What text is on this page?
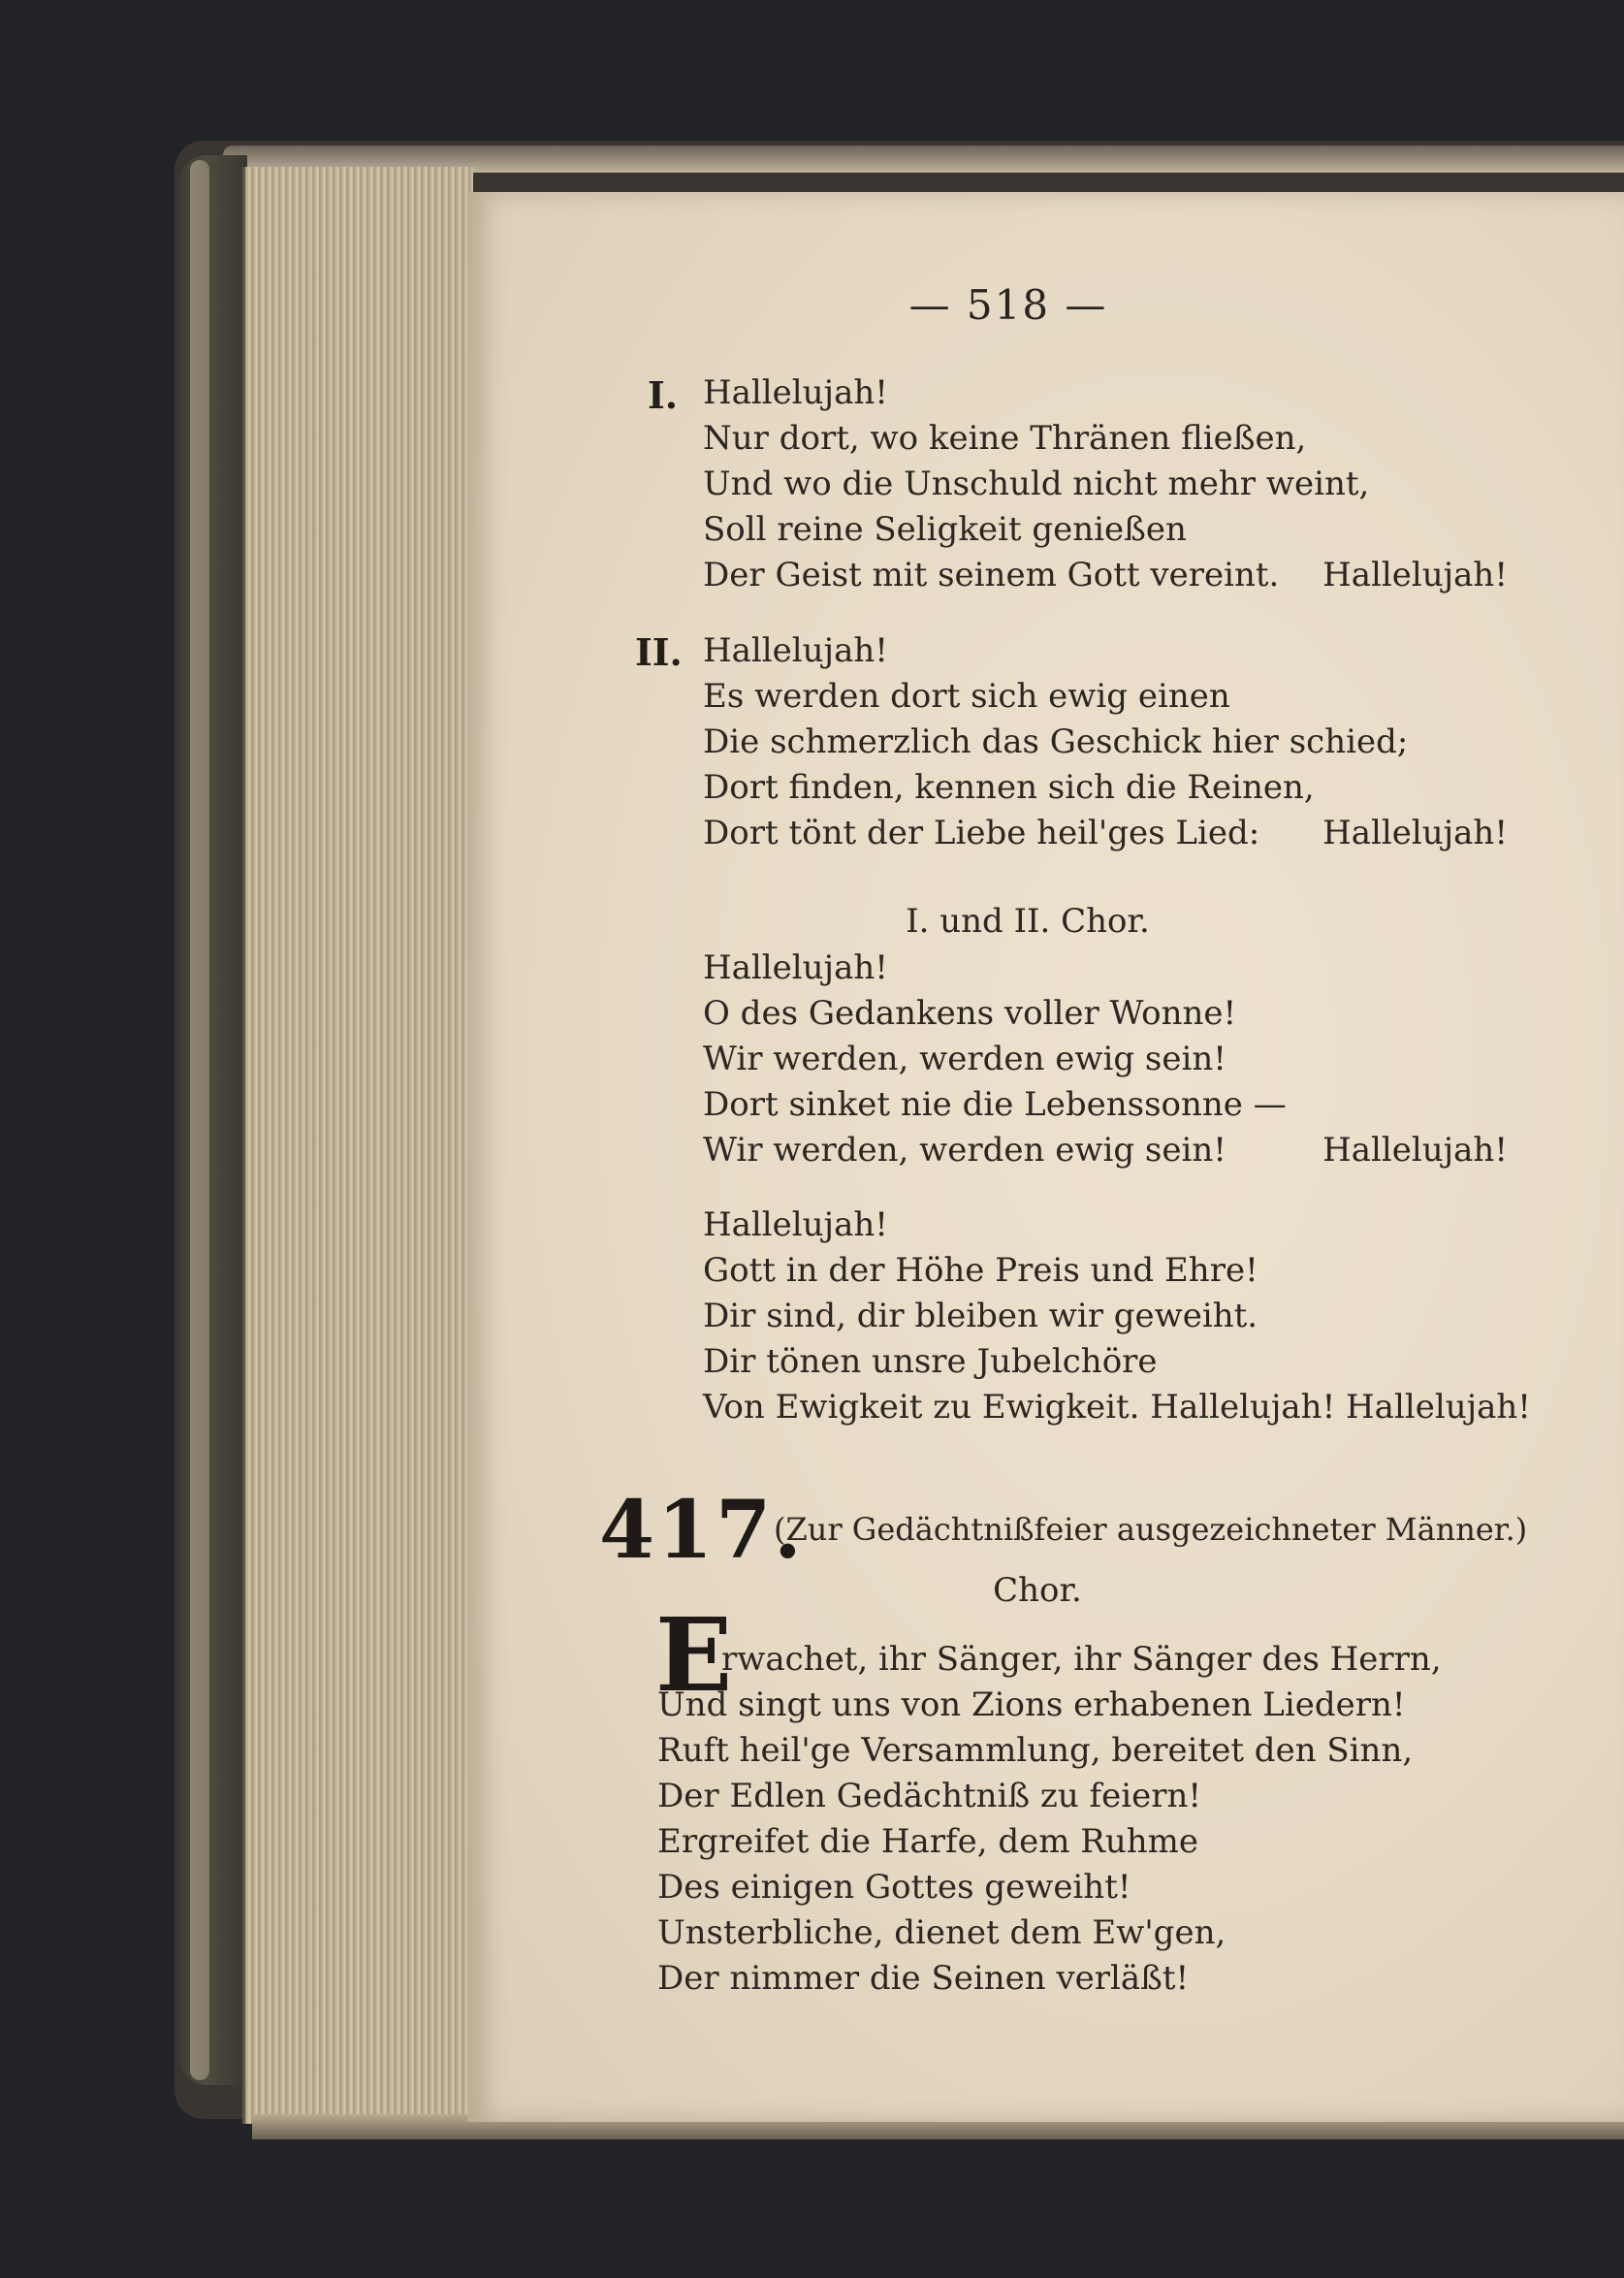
— 518 —
I. Hallelujah!
Nur dort, wo keine Thränen fließen,
Und wo die Unschuld nicht mehr weint,
Soll reine Seligkeit genießen
Der Geist mit seinem Gott vereint. Hallelujah!
II. Hallelujah!
Es werden dort sich ewig einen
Die schmerzlich das Geschick hier schied;
Dort finden, kennen sich die Reinen,
Dort tönt der Liebe heil'ges Lied: Hallelujah!
I. und II. Chor.
Hallelujah!
O des Gedankens voller Wonne!
Wir werden, werden ewig sein!
Dort sinket nie die Lebenssonne —
Wir werden, werden ewig sein!	Hallelujah!
Hallelujah!
Gott in der Höhe Preis und Ehre!
Dir sind, dir bleiben wir geweiht.
Dir tönen unsre Jubelchöre
Von Ewigkeit zu Ewigkeit. Hallelujah! Hallelujah!
417.
(Zur Gedächtnißfeier ausgezeichneter Männer.)
Chor.
E
rwachet, ihr Sänger, ihr Sänger des Herrn,
Und singt uns von Zions erhabenen Liedern!
Ruft heil'ge Versammlung, bereitet den Sinn,
Der Edlen Gedächtniß zu feiern!
Ergreifet die Harfe, dem Ruhme
Des einigen Gottes geweiht!
Unsterbliche, dienet dem Ew'gen,
Der nimmer die Seinen verläßt!
